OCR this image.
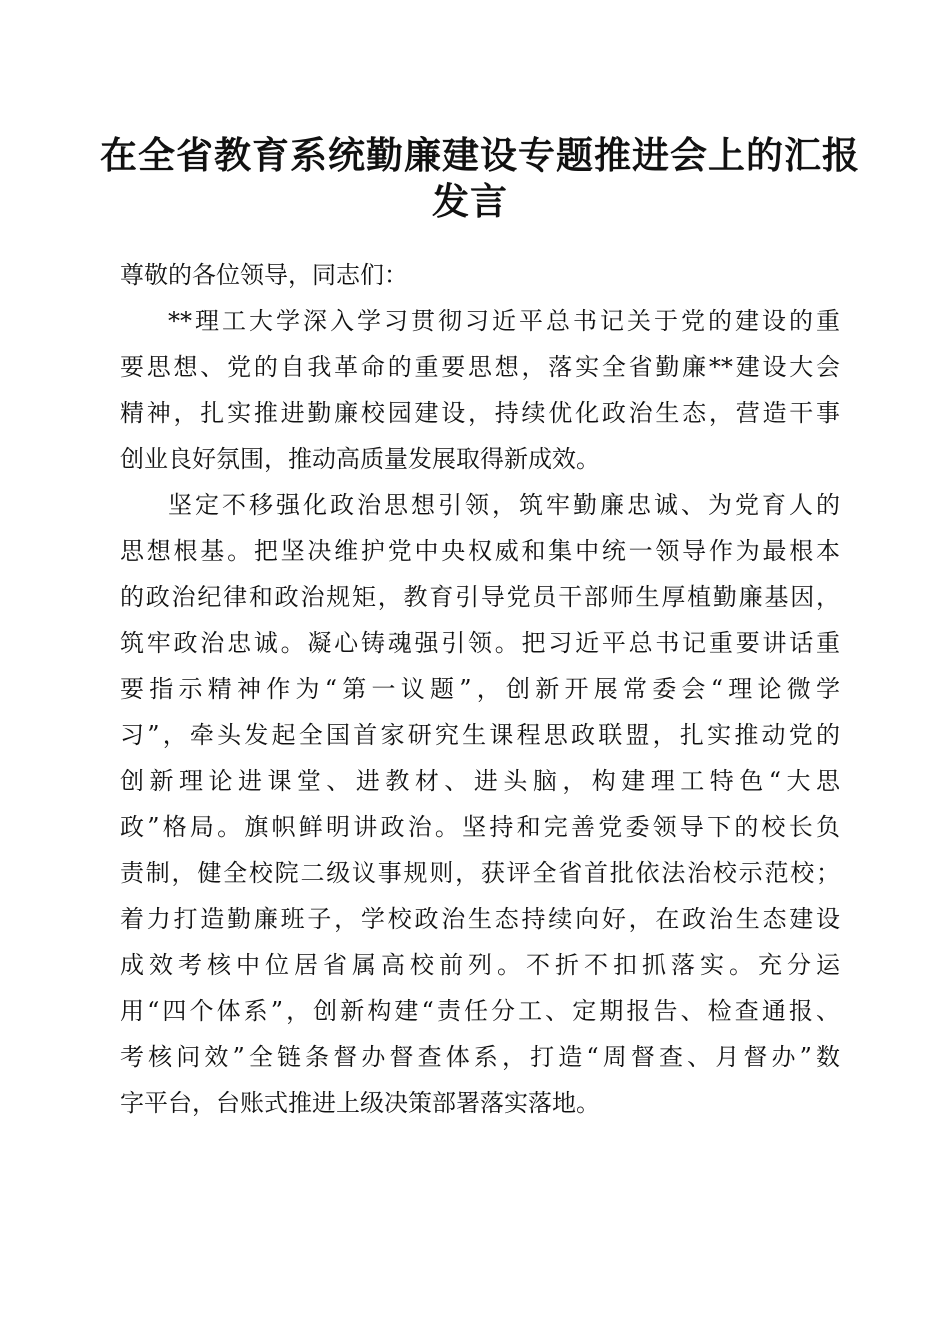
在全省教育系统勤廉建设专题推进会上的汇报
发言
尊敬的各位领导，同志们：
**理工大学深入学习贯彻习近平总书记关于党的建设的重
要思想、党的自我革命的重要思想，落实全省勤廉**建设大会
精神，扎实推进勤廉校园建设，持续优化政治生态，营造干事
创业良好氛围，推动高质量发展取得新成效。
坚定不移强化政治思想引领，筑牢勤廉忠诚、为党育人的
思想根基。把坚决维护党中央权威和集中统一领导作为最根本
的政治纪律和政治规矩，教育引导党员干部师生厚植勤廉基因，
筑牢政治忠诚。凝心铸魂强引领。把习近平总书记重要讲话重
要指示精神作为“第一议题”，创新开展常委会“理论微学
习”，牵头发起全国首家研究生课程思政联盟，扎实推动党的
创新理论进课堂、进教材、进头脑，构建理工特色“大思
政”格局。旗帜鲜明讲政治。坚持和完善党委领导下的校长负
责制，健全校院二级议事规则，获评全省首批依法治校示范校；
着力打造勤廉班子，学校政治生态持续向好，在政治生态建设
成效考核中位居省属高校前列。不折不扣抓落实。充分运
用“四个体系”，创新构建“责任分工、定期报告、检查通报、
考核问效”全链条督办督查体系，打造“周督查、月督办”数
字平台，台账式推进上级决策部署落实落地。
